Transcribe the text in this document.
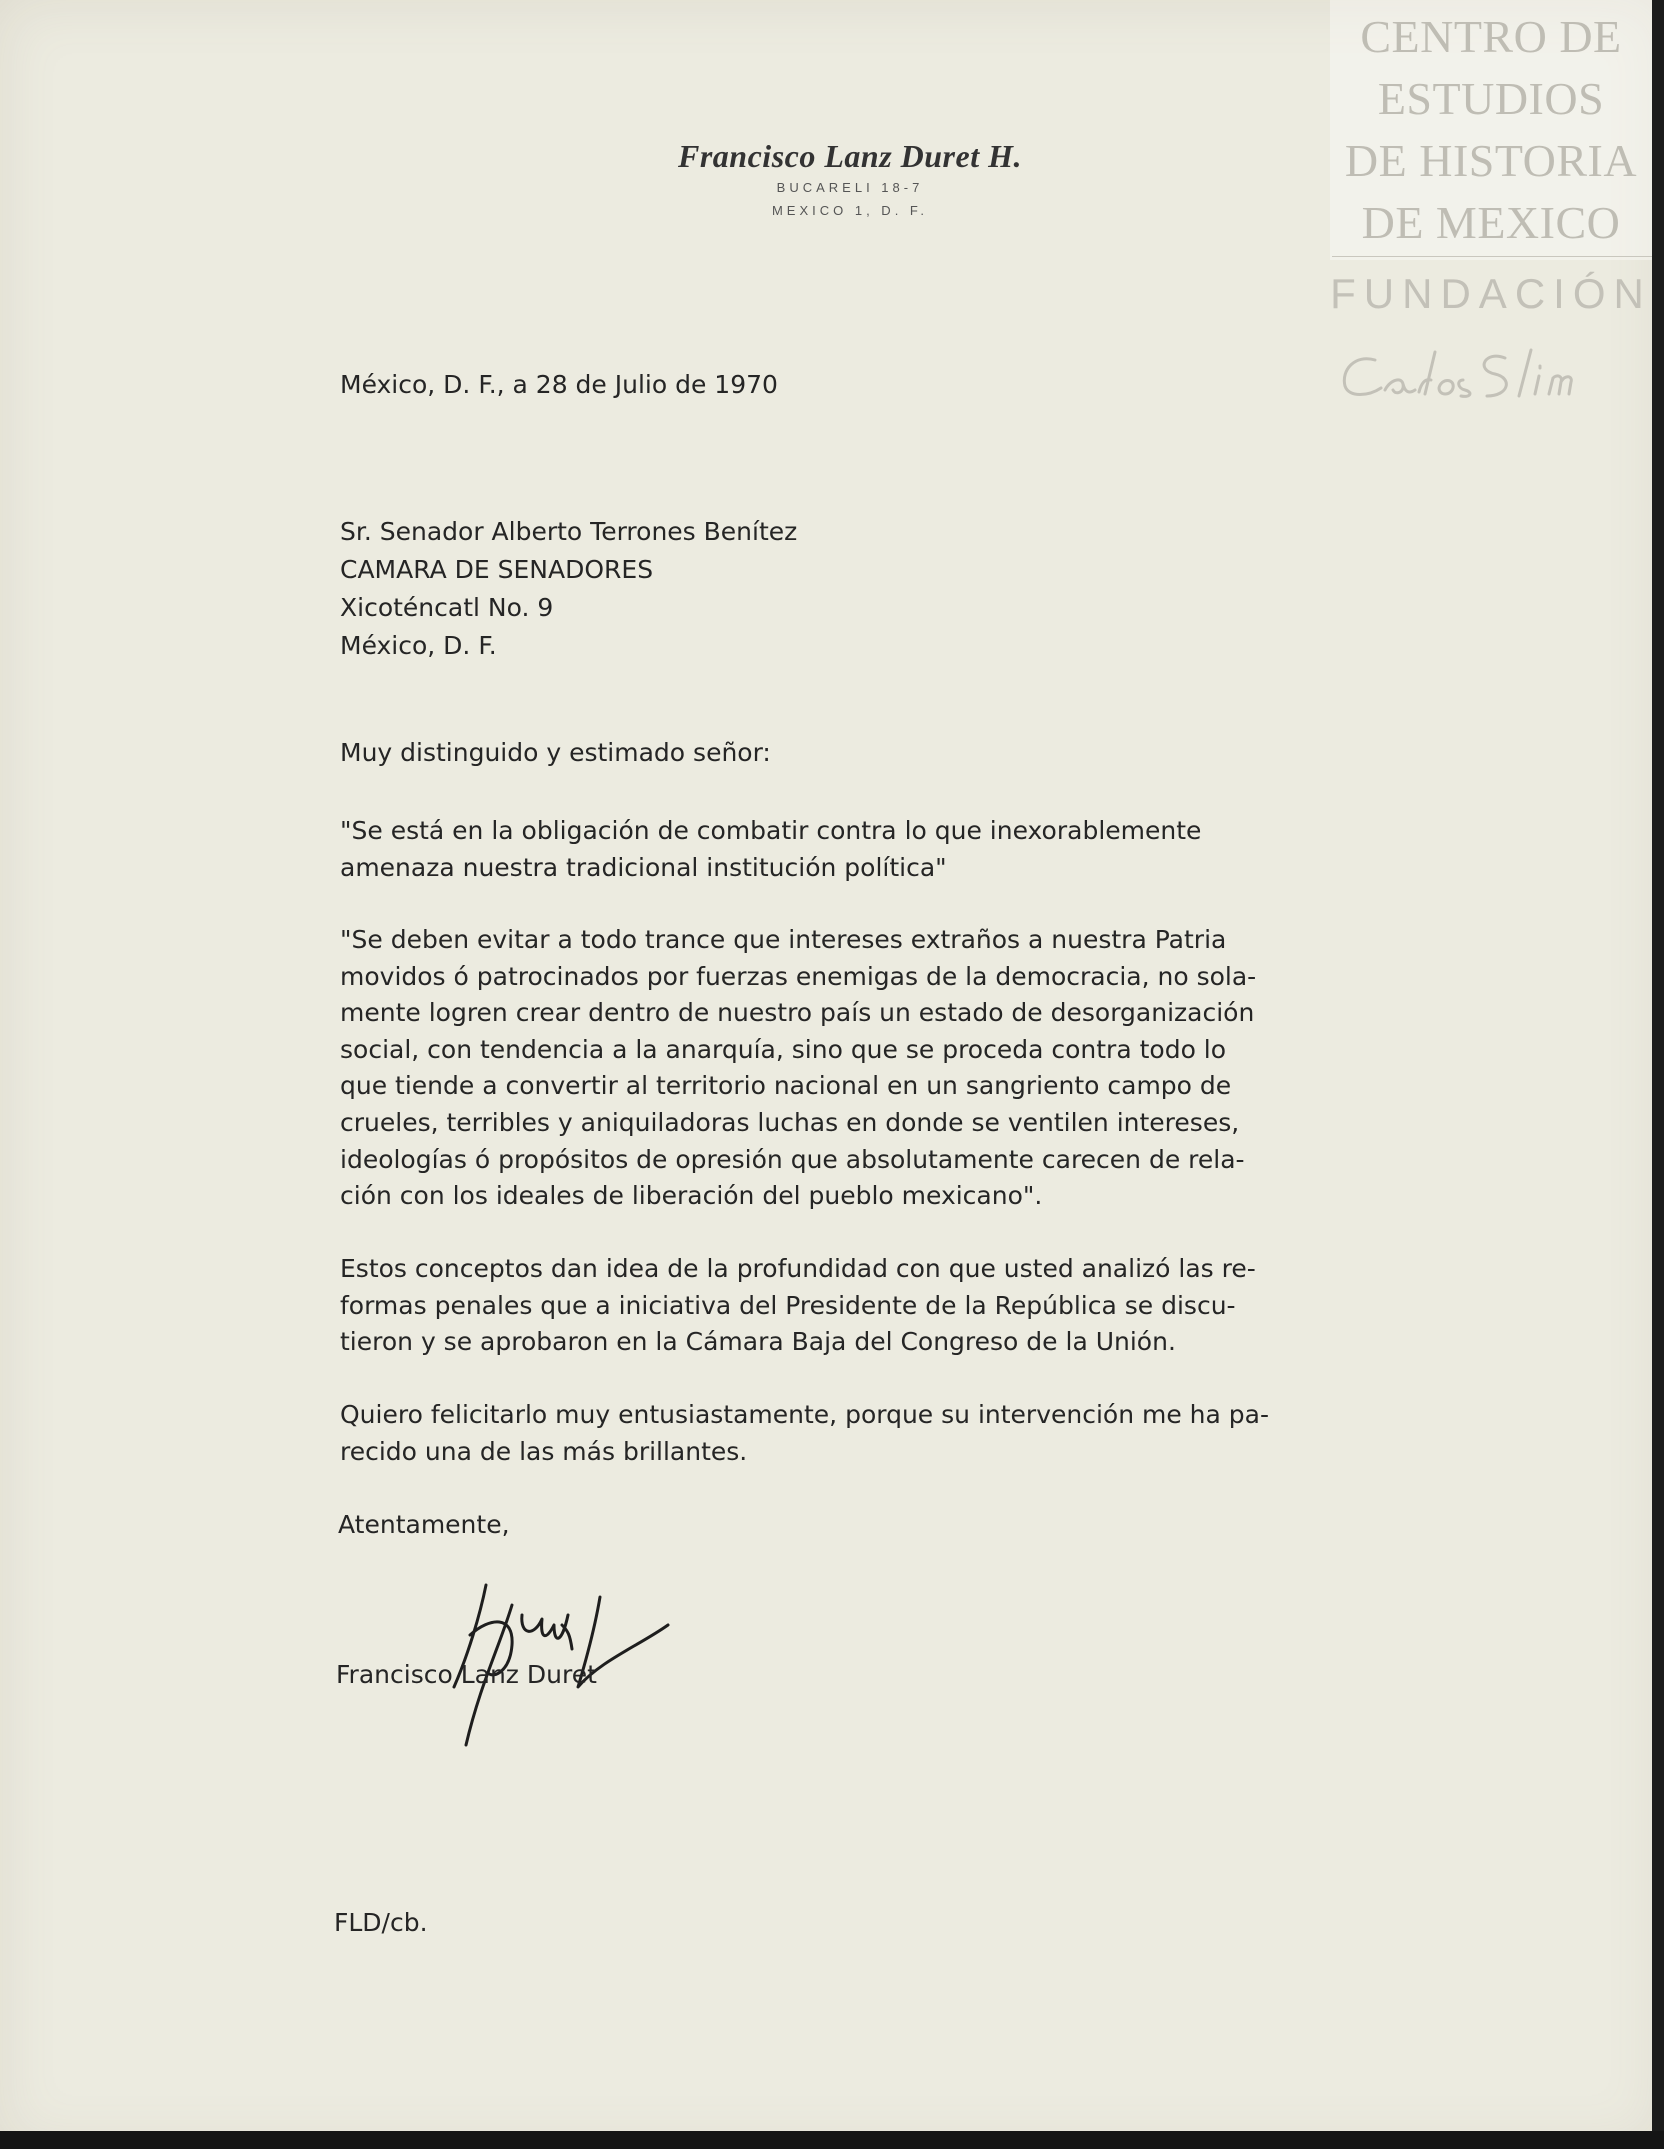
CENTRO DE
ESTUDIOS
DE HISTORIA
DE MEXICO
FUNDACIÓN
Francisco Lanz Duret H.
BUCARELI 18-7
MEXICO 1, D. F.
México, D. F., a 28 de Julio de 1970
Sr. Senador Alberto Terrones Benítez
CAMARA DE SENADORES
Xicoténcatl No. 9
México, D. F.
Muy distinguido y estimado señor:
"Se está en la obligación de combatir contra lo que inexorablemente
amenaza nuestra tradicional institución política"
"Se deben evitar a todo trance que intereses extraños a nuestra Patria
movidos ó patrocinados por fuerzas enemigas de la democracia, no sola-
mente logren crear dentro de nuestro país un estado de desorganización
social, con tendencia a la anarquía, sino que se proceda contra todo lo
que tiende a convertir al territorio nacional en un sangriento campo de
crueles, terribles y aniquiladoras luchas en donde se ventilen intereses,
ideologías ó propósitos de opresión que absolutamente carecen de rela-
ción con los ideales de liberación del pueblo mexicano".
Estos conceptos dan idea de la profundidad con que usted analizó las re-
formas penales que a iniciativa del Presidente de la República se discu-
tieron y se aprobaron en la Cámara Baja del Congreso de la Unión.
Quiero felicitarlo muy entusiastamente, porque su intervención me ha pa-
recido una de las más brillantes.
Atentamente,
Francisco Lanz Duret
FLD/cb.
